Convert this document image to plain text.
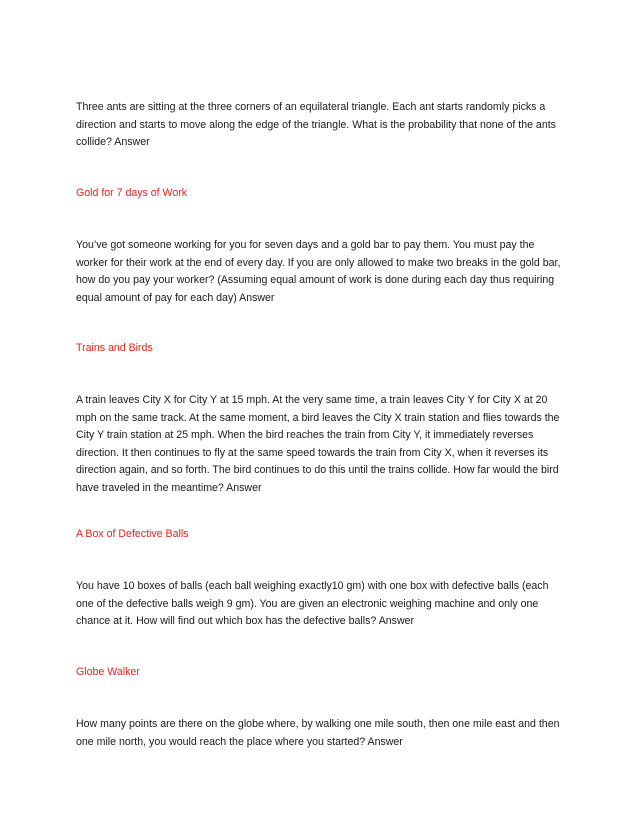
Three ants are sitting at the three corners of an equilateral triangle. Each ant starts randomly picks a direction and starts to move along the edge of the triangle. What is the probability that none of the ants collide? Answer

Gold for 7 days of Work

You’ve got someone working for you for seven days and a gold bar to pay them. You must pay the worker for their work at the end of every day. If you are only allowed to make two breaks in the gold bar, how do you pay your worker? (Assuming equal amount of work is done during each day thus requiring equal amount of pay for each day) Answer

Trains and Birds

A train leaves City X for City Y at 15 mph. At the very same time, a train leaves City Y for City X at 20 mph on the same track. At the same moment, a bird leaves the City X train station and flies towards the City Y train station at 25 mph. When the bird reaches the train from City Y, it immediately reverses direction. It then continues to fly at the same speed towards the train from City X, when it reverses its direction again, and so forth. The bird continues to do this until the trains collide. How far would the bird have traveled in the meantime? Answer

A Box of Defective Balls

You have 10 boxes of balls (each ball weighing exactly10 gm) with one box with defective balls (each one of the defective balls weigh 9 gm). You are given an electronic weighing machine and only one chance at it. How will find out which box has the defective balls? Answer

Globe Walker

How many points are there on the globe where, by walking one mile south, then one mile east and then one mile north, you would reach the place where you started? Answer
